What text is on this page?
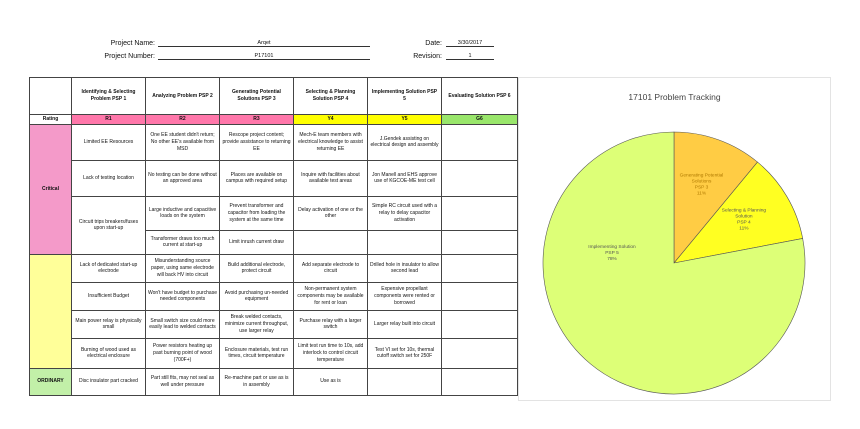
Project Name:	Arqet
Project Number:	P17101
Date:	3/30/2017
Revision:	1
	Identifying & Selecting Problem PSP 1	Analyzing Problem PSP 2	Generating Potential Solutions PSP 3	Selecting & Planning Solution PSP 4	Implementing Solution PSP 5	Evaluating Solution PSP 6
Rating	R1	R2	R3	Y4	Y5	G6
Critical	Limited EE Resources	One EE student didn't return; No other EE's available from MSD	Rescope project content; provide assistance to returning EE	Mech-E team members with electrical knowledge to assist returning EE	J.Gendek assisting on electrical design and assembly	
	Lack of testing location	No testing can be done without an approved area	Places are available on campus with required setup	Inquire with facilities about available test areas	Jon Manell and EHS approve use of KGCOE-ME test cell	
	Circuit trips breakers/fuses upon start-up	Large inductive and capacitive loads on the system	Prevent transformer and capacitor from loading the system at the same time	Delay activation of one or the other	Simple RC circuit used with a relay to delay capacitor activation	
		Transformer draws too much current at start-up	Limit inrush current draw			
	Lack of dedicated start-up electrode	Misunderstanding source paper, using same electrode will back HV into circuit	Build additional electrode, protect circuit	Add separate electrode to circuit	Drilled hole in insulator to allow second lead	
	Insufficient Budget	Won't have budget to purchase needed components	Avoid purchasing un-needed equipment	Non-permanent system components may be available for rent or loan	Expensive propellant components were rented or borrowed	
	Main power relay is physically small	Small switch size could more easily lead to welded contacts	Break welded contacts, minimize current throughput, use larger relay	Purchase relay with a larger switch	Larger relay built into circuit	
	Burning of wood used as electrical enclosure	Power resistors heating up past burning point of wood (700F+)	Enclosure materials, test run times, circuit temperature	Limit test run time to 10s, add interlock to control circuit temperature	Test VI set for 10s, thermal cutoff switch set for 250F	
ORDINARY	Disc insulator part cracked	Part still fits, may not seal as well under pressure	Re-machine part or use as is in assembly	Use as is		
17101 Problem Tracking
Generating Potential Solutions PSP 3 11%
Selecting & Planning Solution PSP 4 11%
Implementing Solution PSP 5 78%
